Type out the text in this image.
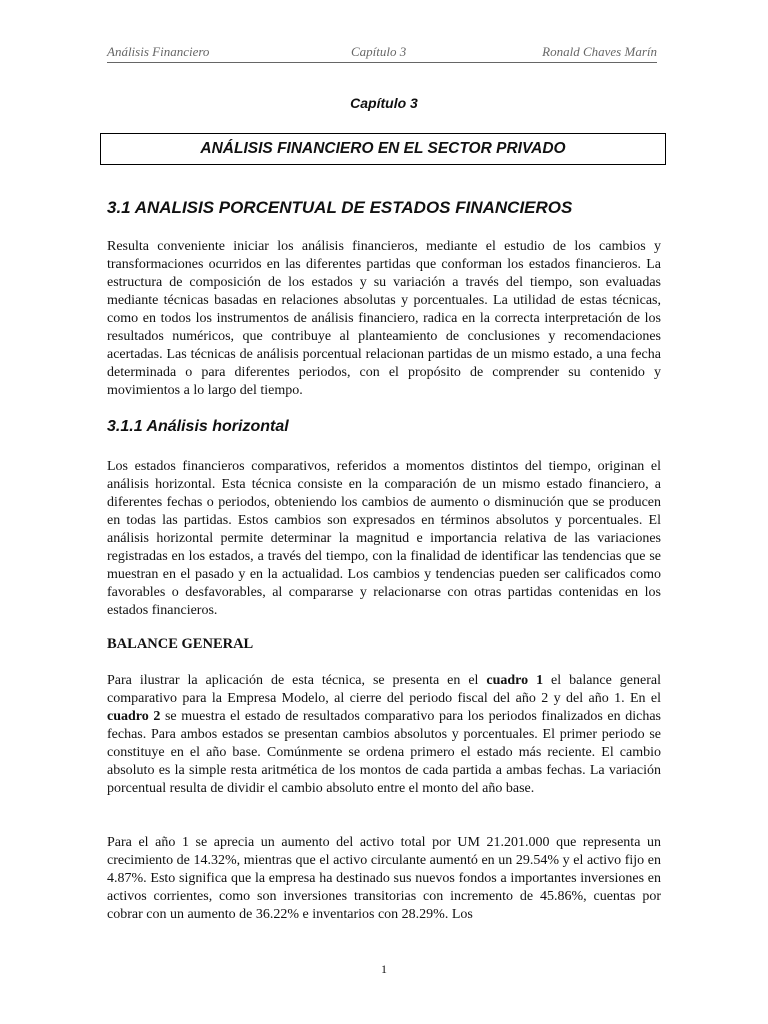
Análisis Financiero	Capítulo 3	Ronald Chaves Marín
Capítulo 3
ANÁLISIS FINANCIERO EN EL SECTOR PRIVADO
3.1 ANALISIS PORCENTUAL DE ESTADOS FINANCIEROS
Resulta conveniente iniciar los análisis financieros, mediante el estudio de los cambios y transformaciones ocurridos en las diferentes partidas que conforman los estados financieros. La estructura de composición de los estados y su variación a través del tiempo, son evaluadas mediante técnicas basadas en relaciones absolutas y porcentuales. La utilidad de estas técnicas, como en todos los instrumentos de análisis financiero, radica en la correcta interpretación de los resultados numéricos, que contribuye al planteamiento de conclusiones y recomendaciones acertadas. Las técnicas de análisis porcentual relacionan partidas de un mismo estado, a una fecha determinada o para diferentes periodos, con el propósito de comprender su contenido y movimientos a lo largo del tiempo.
3.1.1 Análisis horizontal
Los estados financieros comparativos, referidos a momentos distintos del tiempo, originan el análisis horizontal. Esta técnica consiste en la comparación de un mismo estado financiero, a diferentes fechas o periodos, obteniendo los cambios de aumento o disminución que se producen en todas las partidas. Estos cambios son expresados en términos absolutos y porcentuales. El análisis horizontal permite determinar la magnitud e importancia relativa de las variaciones registradas en los estados, a través del tiempo, con la finalidad de identificar las tendencias que se muestran en el pasado y en la actualidad. Los cambios y tendencias pueden ser calificados como favorables o desfavorables, al compararse y relacionarse con otras partidas contenidas en los estados financieros.
BALANCE GENERAL
Para ilustrar la aplicación de esta técnica, se presenta en el cuadro 1 el balance general comparativo para la Empresa Modelo, al cierre del periodo fiscal del año 2 y del año 1. En el cuadro 2 se muestra el estado de resultados comparativo para los periodos finalizados en dichas fechas. Para ambos estados se presentan cambios absolutos y porcentuales. El primer periodo se constituye en el año base. Comúnmente se ordena primero el estado más reciente. El cambio absoluto es la simple resta aritmética de los montos de cada partida a ambas fechas. La variación porcentual resulta de dividir el cambio absoluto entre el monto del año base.
Para el año 1 se aprecia un aumento del activo total por UM 21.201.000 que representa un crecimiento de 14.32%, mientras que el activo circulante aumentó en un 29.54% y el activo fijo en 4.87%. Esto significa que la empresa ha destinado sus nuevos fondos a importantes inversiones en activos corrientes, como son inversiones transitorias con incremento de 45.86%, cuentas por cobrar con un aumento de 36.22% e inventarios con 28.29%. Los
1
